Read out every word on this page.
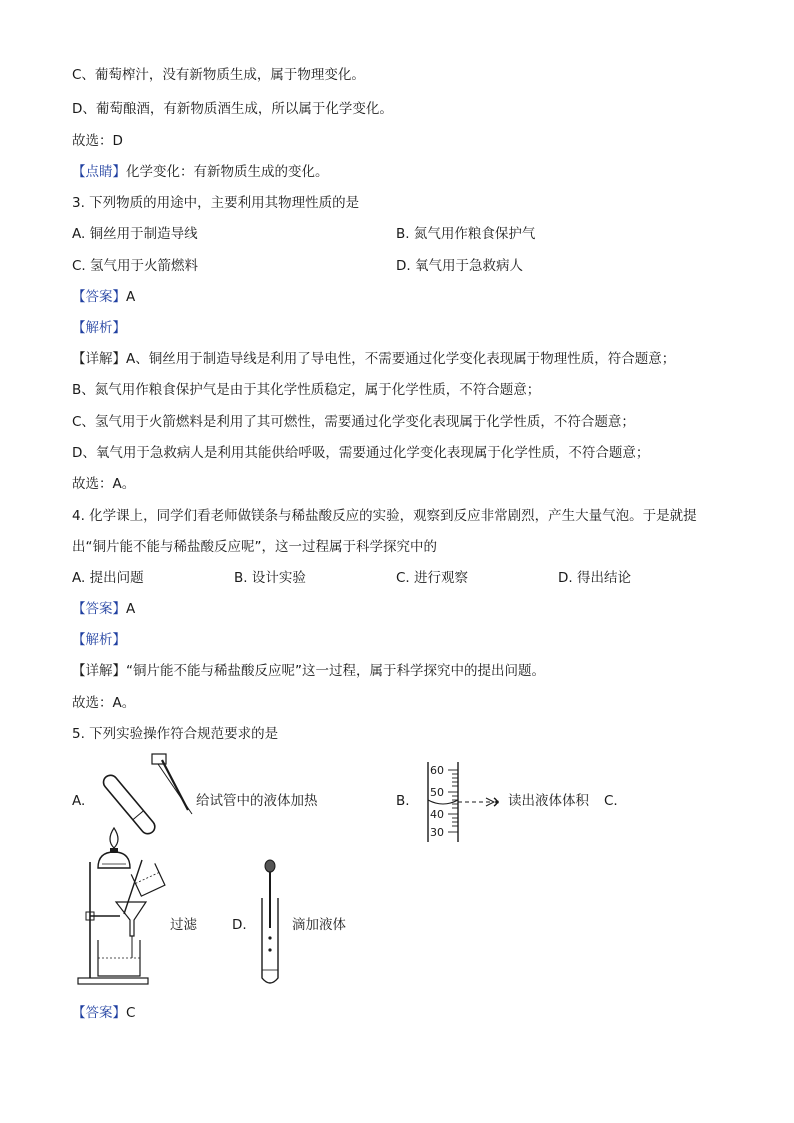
C、葡萄榨汁，没有新物质生成，属于物理变化。
D、葡萄酿酒，有新物质酒生成，所以属于化学变化。
故选：D
【点睛】化学变化：有新物质生成的变化。
3. 下列物质的用途中，主要利用其物理性质的是
A. 铜丝用于制造导线	B. 氮气用作粮食保护气
C. 氢气用于火箭燃料	D. 氧气用于急救病人
【答案】A
【解析】
【详解】A、铜丝用于制造导线是利用了导电性，不需要通过化学变化表现属于物理性质，符合题意；
B、氮气用作粮食保护气是由于其化学性质稳定，属于化学性质，不符合题意；
C、氢气用于火箭燃料是利用了其可燃性，需要通过化学变化表现属于化学性质，不符合题意；
D、氧气用于急救病人是利用其能供给呼吸，需要通过化学变化表现属于化学性质，不符合题意；
故选：A。
4. 化学课上，同学们看老师做镁条与稀盐酸反应的实验，观察到反应非常剧烈，产生大量气泡。于是就提
出“铜片能不能与稀盐酸反应呢”，这一过程属于科学探究中的
A. 提出问题	B. 设计实验	C. 进行观察	D. 得出结论
【答案】A
【解析】
【详解】“铜片能不能与稀盐酸反应呢”这一过程，属于科学探究中的提出问题。
故选：A。
5. 下列实验操作符合规范要求的是
A.	给试管中的液体加热	B.
60
50
40
30
读出液体体积 C.
过滤	D.	滴加液体
【答案】C
